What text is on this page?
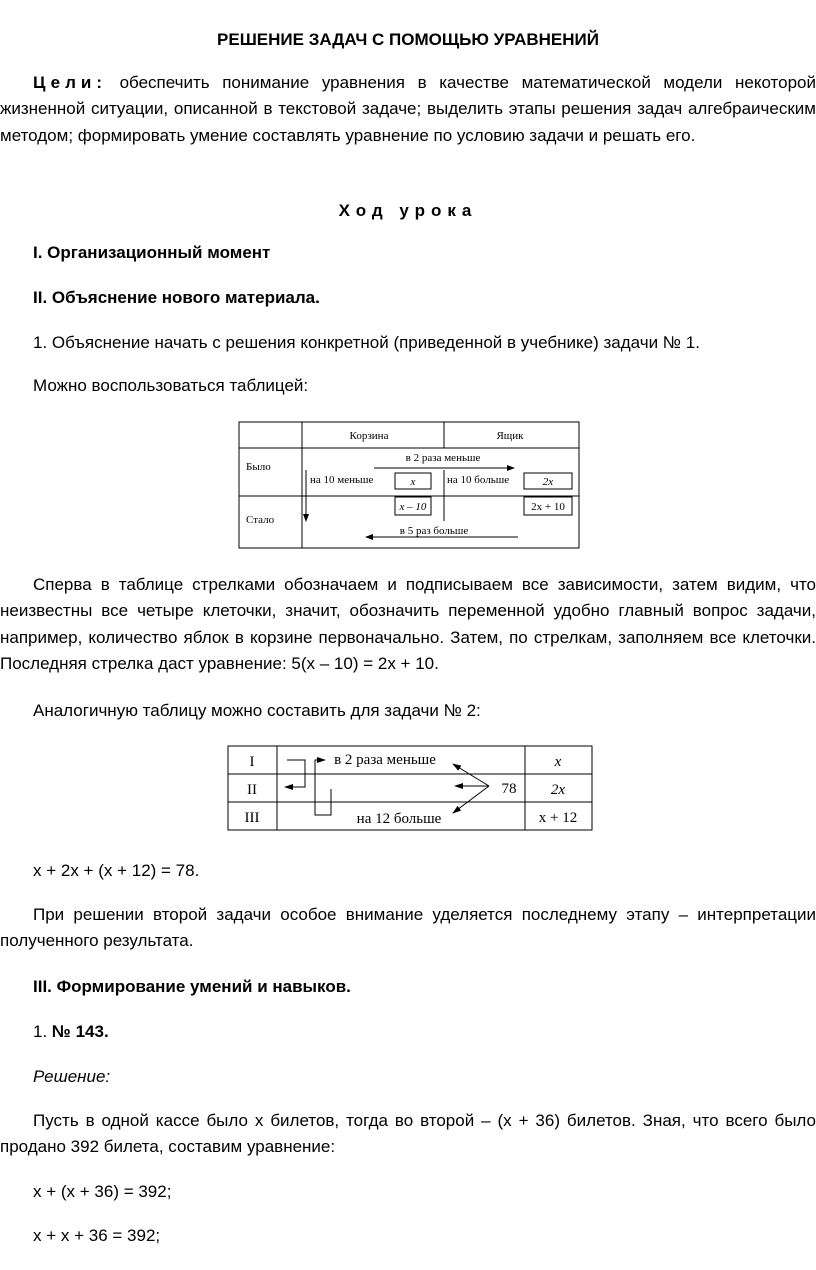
РЕШЕНИЕ ЗАДАЧ С ПОМОЩЬЮ УРАВНЕНИЙ

Цели: обеспечить понимание уравнения в качестве математической модели некоторой жизненной ситуации, описанной в текстовой задаче; выделить этапы решения задач алгебраическим методом; формировать умение составлять уравнение по условию задачи и решать его.

Ход урока

I. Организационный момент

II. Объяснение нового материала.

1. Объяснение начать с решения конкретной (приведенной в учебнике) задачи № 1.

Можно воспользоваться таблицей:

Корзина	Ящик
Было
Стало
в 2 раза меньше
на 10 меньше	на 10 больше
x
x – 10
2x
2x + 10
в 5 раз больше

Сперва в таблице стрелками обозначаем и подписываем все зависимости, затем видим, что неизвестны все четыре клеточки, значит, обозначить переменной удобно главный вопрос задачи, например, количество яблок в корзине первоначально. Затем, по стрелкам, заполняем все клеточки. Последняя стрелка даст уравнение: 5(x – 10) = 2x + 10.

Аналогичную таблицу можно составить для задачи № 2:

I
II
III
в 2 раза меньше
78
на 12 больше
x
2x
x + 12

x + 2x + (x + 12) = 78.

При решении второй задачи особое внимание уделяется последнему этапу – интерпретации полученного результата.

III. Формирование умений и навыков.

1. № 143.

Решение:

Пусть в одной кассе было x билетов, тогда во второй – (x + 36) билетов. Зная, что всего было продано 392 билета, составим уравнение:

x + (x + 36) = 392;

x + x + 36 = 392;
